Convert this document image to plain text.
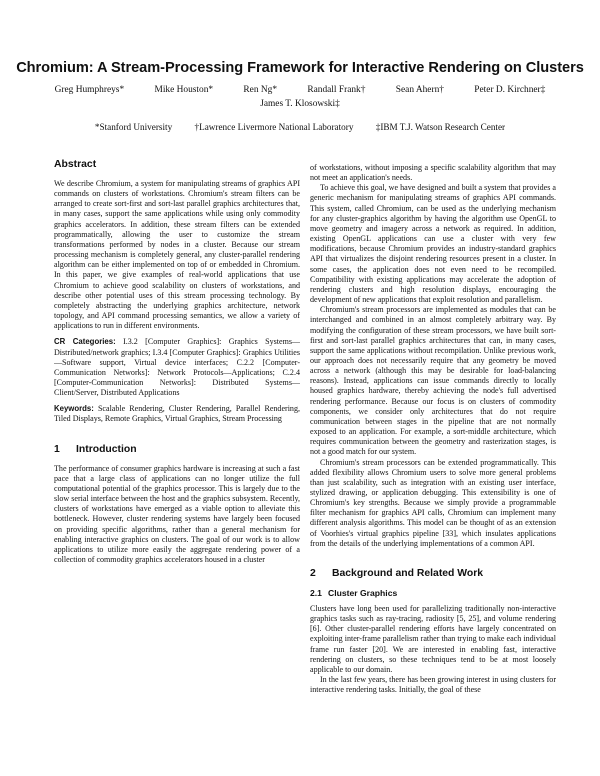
Chromium: A Stream-Processing Framework for Interactive Rendering on Clusters
Greg Humphreys*	Mike Houston*	Ren Ng*	Randall Frank†	Sean Ahern†	Peter D. Kirchner‡
James T. Klosowski‡
*Stanford University †Lawrence Livermore National Laboratory ‡IBM T.J. Watson Research Center
Abstract

We describe Chromium, a system for manipulating streams of graphics API commands on clusters of workstations. Chromium's stream filters can be arranged to create sort-first and sort-last parallel graphics architectures that, in many cases, support the same applications while using only commodity graphics accelerators. In addition, these stream filters can be extended programmatically, allowing the user to customize the stream transformations performed by nodes in a cluster. Because our stream processing mechanism is completely general, any cluster-parallel rendering algorithm can be either implemented on top of or embedded in Chromium. In this paper, we give examples of real-world applications that use Chromium to achieve good scalability on clusters of workstations, and describe other potential uses of this stream processing technology. By completely abstracting the underlying graphics architecture, network topology, and API command processing semantics, we allow a variety of applications to run in different environments.

CR Categories: I.3.2 [Computer Graphics]: Graphics Systems—Distributed/network graphics; I.3.4 [Computer Graphics]: Graphics Utilities—Software support, Virtual device interfaces; C.2.2 [Computer-Communication Networks]: Network Protocols—Applications; C.2.4 [Computer-Communication Networks]: Distributed Systems—Client/Server, Distributed Applications

Keywords: Scalable Rendering, Cluster Rendering, Parallel Rendering, Tiled Displays, Remote Graphics, Virtual Graphics, Stream Processing

1 Introduction

The performance of consumer graphics hardware is increasing at such a fast pace that a large class of applications can no longer utilize the full computational potential of the graphics processor. This is largely due to the slow serial interface between the host and the graphics subsystem. Recently, clusters of workstations have emerged as a viable option to alleviate this bottleneck. However, cluster rendering systems have largely been focused on providing specific algorithms, rather than a general mechanism for enabling interactive graphics on clusters. The goal of our work is to allow applications to utilize more easily the aggregate rendering power of a collection of commodity graphics accelerators housed in a cluster

of workstations, without imposing a specific scalability algorithm that may not meet an application's needs.

To achieve this goal, we have designed and built a system that provides a generic mechanism for manipulating streams of graphics API commands. This system, called Chromium, can be used as the underlying mechanism for any cluster-graphics algorithm by having the algorithm use OpenGL to move geometry and imagery across a network as required. In addition, existing OpenGL applications can use a cluster with very few modifications, because Chromium provides an industry-standard graphics API that virtualizes the disjoint rendering resources present in a cluster. In some cases, the application does not even need to be recompiled. Compatibility with existing applications may accelerate the adoption of rendering clusters and high resolution displays, encouraging the development of new applications that exploit resolution and parallelism.

Chromium's stream processors are implemented as modules that can be interchanged and combined in an almost completely arbitrary way. By modifying the configuration of these stream processors, we have built sort-first and sort-last parallel graphics architectures that can, in many cases, support the same applications without recompilation. Unlike previous work, our approach does not necessarily require that any geometry be moved across a network (although this may be desirable for load-balancing reasons). Instead, applications can issue commands directly to locally housed graphics hardware, thereby achieving the node's full advertised rendering performance. Because our focus is on clusters of commodity components, we consider only architectures that do not require communication between stages in the pipeline that are not normally exposed to an application. For example, a sort-middle architecture, which requires communication between the geometry and rasterization stages, is not a good match for our system.

Chromium's stream processors can be extended programmatically. This added flexibility allows Chromium users to solve more general problems than just scalability, such as integration with an existing user interface, stylized drawing, or application debugging. This extensibility is one of Chromium's key strengths. Because we simply provide a programmable filter mechanism for graphics API calls, Chromium can implement many different analysis algorithms. This model can be thought of as an extension of Voorhies's virtual graphics pipeline [33], which insulates applications from the details of the underlying implementations of a common API.

2 Background and Related Work
2.1 Cluster Graphics

Clusters have long been used for parallelizing traditionally non-interactive graphics tasks such as ray-tracing, radiosity [5, 25], and volume rendering [6]. Other cluster-parallel rendering efforts have largely concentrated on exploiting inter-frame parallelism rather than trying to make each individual frame run faster [20]. We are interested in enabling fast, interactive rendering on clusters, so these techniques tend to be at most loosely applicable to our domain.

In the last few years, there has been growing interest in using clusters for interactive rendering tasks. Initially, the goal of these
